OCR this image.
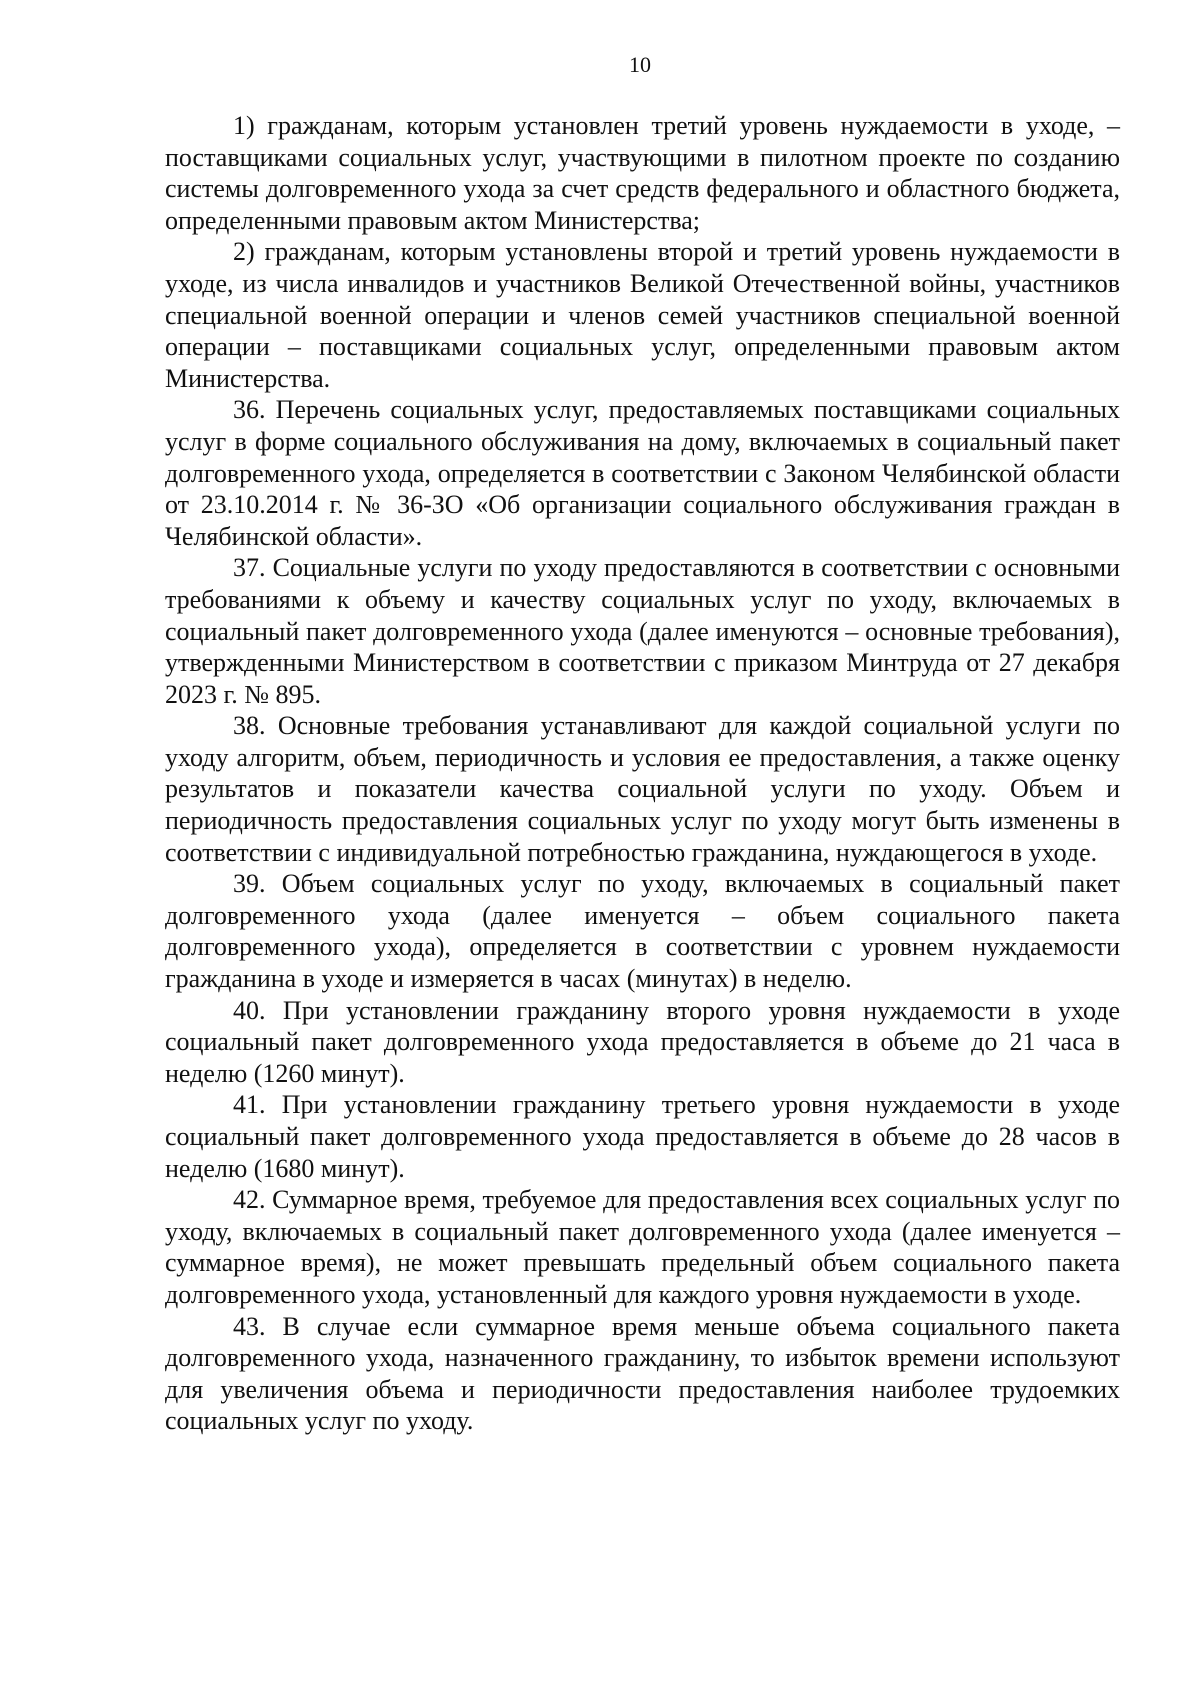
10

1) гражданам, которым установлен третий уровень нуждаемости в уходе, – поставщиками социальных услуг, участвующими в пилотном проекте по созданию системы долговременного ухода за счет средств федерального и областного бюджета, определенными правовым актом Министерства;

2) гражданам, которым установлены второй и третий уровень нуждаемости в уходе, из числа инвалидов и участников Великой Отечественной войны, участников специальной военной операции и членов семей участников специальной военной операции – поставщиками социальных услуг, определенными правовым актом Министерства.

36. Перечень социальных услуг, предоставляемых поставщиками социальных услуг в форме социального обслуживания на дому, включаемых в социальный пакет долговременного ухода, определяется в соответствии с Законом Челябинской области от 23.10.2014 г. № 36-ЗО «Об организации социального обслуживания граждан в Челябинской области».

37. Социальные услуги по уходу предоставляются в соответствии с основными требованиями к объему и качеству социальных услуг по уходу, включаемых в социальный пакет долговременного ухода (далее именуются – основные требования), утвержденными Министерством в соответствии с приказом Минтруда от 27 декабря 2023 г. № 895.

38. Основные требования устанавливают для каждой социальной услуги по уходу алгоритм, объем, периодичность и условия ее предоставления, а также оценку результатов и показатели качества социальной услуги по уходу. Объем и периодичность предоставления социальных услуг по уходу могут быть изменены в соответствии с индивидуальной потребностью гражданина, нуждающегося в уходе.

39. Объем социальных услуг по уходу, включаемых в социальный пакет долговременного ухода (далее именуется – объем социального пакета долговременного ухода), определяется в соответствии с уровнем нуждаемости гражданина в уходе и измеряется в часах (минутах) в неделю.

40. При установлении гражданину второго уровня нуждаемости в уходе социальный пакет долговременного ухода предоставляется в объеме до 21 часа в неделю (1260 минут).

41. При установлении гражданину третьего уровня нуждаемости в уходе социальный пакет долговременного ухода предоставляется в объеме до 28 часов в неделю (1680 минут).

42. Суммарное время, требуемое для предоставления всех социальных услуг по уходу, включаемых в социальный пакет долговременного ухода (далее именуется – суммарное время), не может превышать предельный объем социального пакета долговременного ухода, установленный для каждого уровня нуждаемости в уходе.

43. В случае если суммарное время меньше объема социального пакета долговременного ухода, назначенного гражданину, то избыток времени используют для увеличения объема и периодичности предоставления наиболее трудоемких социальных услуг по уходу.
